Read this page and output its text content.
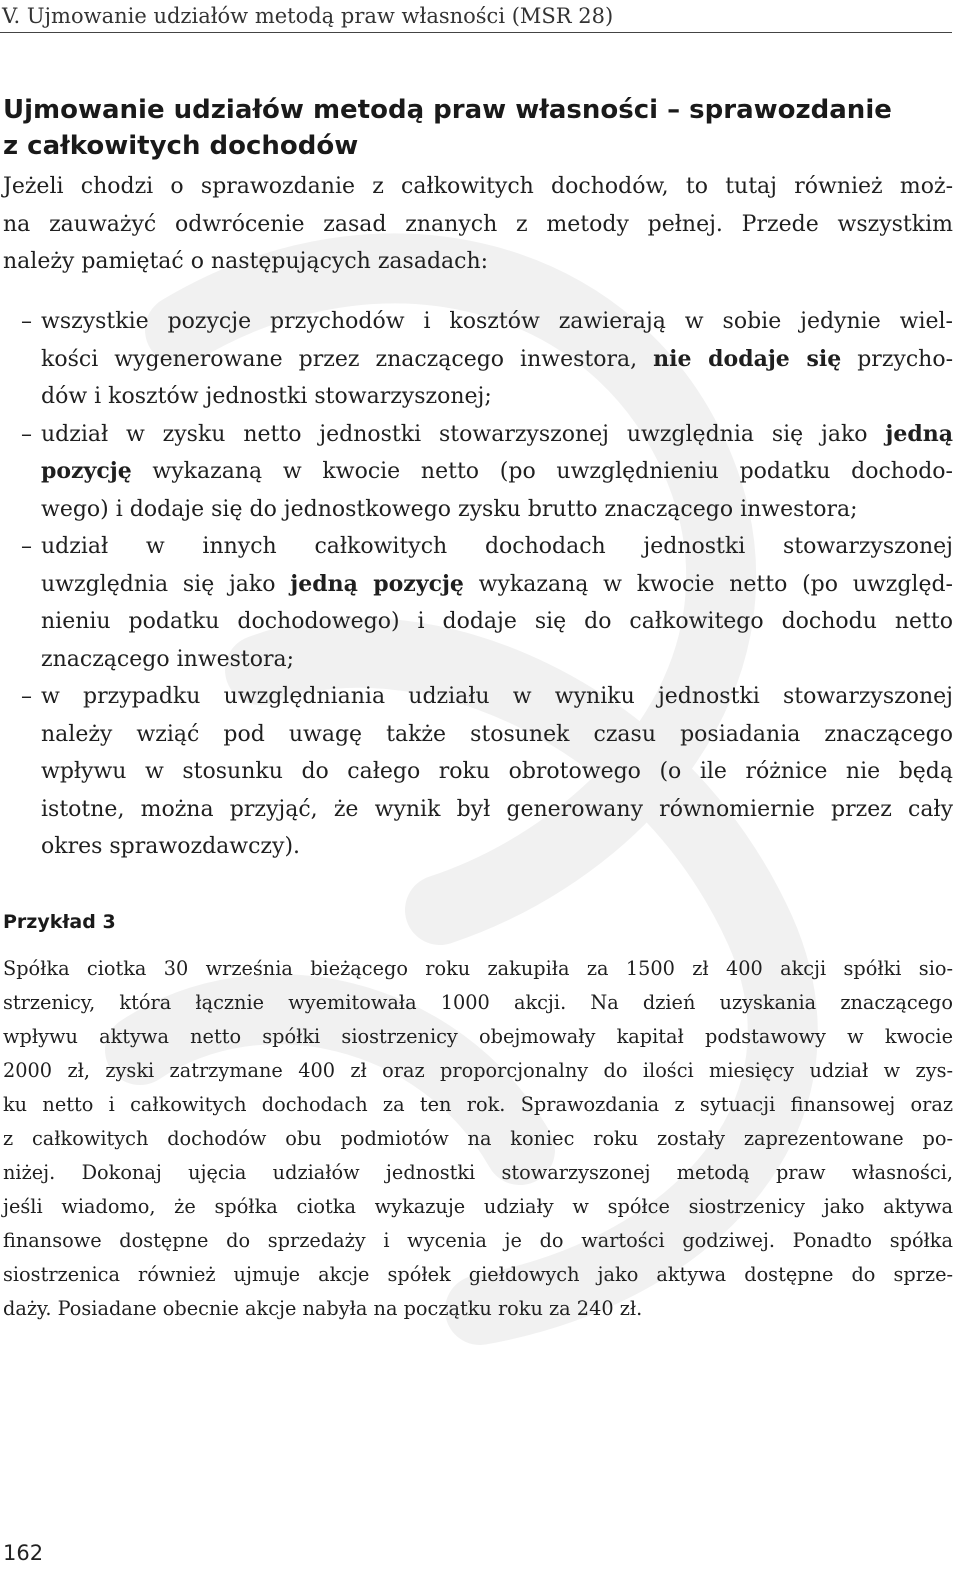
V. Ujmowanie udziałów metodą praw własności (MSR 28)
Ujmowanie udziałów metodą praw własności – sprawozdanie
z całkowitych dochodów
Jeżeli chodzi o sprawozdanie z całkowitych dochodów, to tutaj również moż-
na zauważyć odwrócenie zasad znanych z metody pełnej. Przede wszystkim
należy pamiętać o następujących zasadach:
–
wszystkie pozycje przychodów i kosztów zawierają w sobie jedynie wiel-
kości wygenerowane przez znaczącego inwestora, nie dodaje się przycho-
dów i kosztów jednostki stowarzyszonej;
–
udział w zysku netto jednostki stowarzyszonej uwzględnia się jako jedną
pozycję wykazaną w kwocie netto (po uwzględnieniu podatku dochodo-
wego) i dodaje się do jednostkowego zysku brutto znaczącego inwestora;
–
udział w innych całkowitych dochodach jednostki stowarzyszonej
uwzględnia się jako jedną pozycję wykazaną w kwocie netto (po uwzględ-
nieniu podatku dochodowego) i dodaje się do całkowitego dochodu netto
znaczącego inwestora;
–
w przypadku uwzględniania udziału w wyniku jednostki stowarzyszonej
należy wziąć pod uwagę także stosunek czasu posiadania znaczącego
wpływu w stosunku do całego roku obrotowego (o ile różnice nie będą
istotne, można przyjąć, że wynik był generowany równomiernie przez cały
okres sprawozdawczy).
Przykład 3
Spółka ciotka 30 września bieżącego roku zakupiła za 1500 zł 400 akcji spółki sio-
strzenicy, która łącznie wyemitowała 1000 akcji. Na dzień uzyskania znaczącego
wpływu aktywa netto spółki siostrzenicy obejmowały kapitał podstawowy w kwocie
2000 zł, zyski zatrzymane 400 zł oraz proporcjonalny do ilości miesięcy udział w zys-
ku netto i całkowitych dochodach za ten rok. Sprawozdania z sytuacji finansowej oraz
z całkowitych dochodów obu podmiotów na koniec roku zostały zaprezentowane po-
niżej. Dokonaj ujęcia udziałów jednostki stowarzyszonej metodą praw własności,
jeśli wiadomo, że spółka ciotka wykazuje udziały w spółce siostrzenicy jako aktywa
finansowe dostępne do sprzedaży i wycenia je do wartości godziwej. Ponadto spółka
siostrzenica również ujmuje akcje spółek giełdowych jako aktywa dostępne do sprze-
daży. Posiadane obecnie akcje nabyła na początku roku za 240 zł.
162
